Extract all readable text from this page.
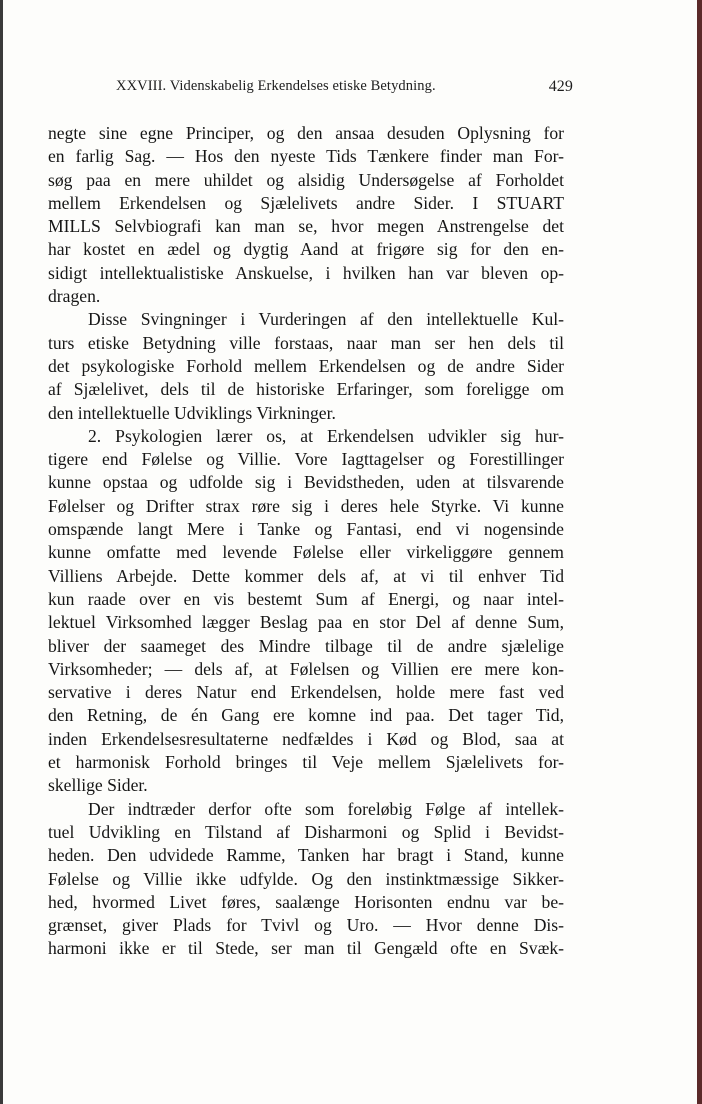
XXVIII. Videnskabelig Erkendelses etiske Betydning.	429
negte sine egne Principer, og den ansaa desuden Oplysning for
en farlig Sag. — Hos den nyeste Tids Tænkere finder man For-
søg paa en mere uhildet og alsidig Undersøgelse af Forholdet
mellem Erkendelsen og Sjælelivets andre Sider. I STUART
MILLS Selvbiografi kan man se, hvor megen Anstrengelse det
har kostet en ædel og dygtig Aand at frigøre sig for den en-
sidigt intellektualistiske Anskuelse, i hvilken han var bleven op-
dragen.
Disse Svingninger i Vurderingen af den intellektuelle Kul-
turs etiske Betydning ville forstaas, naar man ser hen dels til
det psykologiske Forhold mellem Erkendelsen og de andre Sider
af Sjælelivet, dels til de historiske Erfaringer, som foreligge om
den intellektuelle Udviklings Virkninger.
2. Psykologien lærer os, at Erkendelsen udvikler sig hur-
tigere end Følelse og Villie. Vore Iagttagelser og Forestillinger
kunne opstaa og udfolde sig i Bevidstheden, uden at tilsvarende
Følelser og Drifter strax røre sig i deres hele Styrke. Vi kunne
omspænde langt Mere i Tanke og Fantasi, end vi nogensinde
kunne omfatte med levende Følelse eller virkeliggøre gennem
Villiens Arbejde. Dette kommer dels af, at vi til enhver Tid
kun raade over en vis bestemt Sum af Energi, og naar intel-
lektuel Virksomhed lægger Beslag paa en stor Del af denne Sum,
bliver der saameget des Mindre tilbage til de andre sjælelige
Virksomheder; — dels af, at Følelsen og Villien ere mere kon-
servative i deres Natur end Erkendelsen, holde mere fast ved
den Retning, de én Gang ere komne ind paa. Det tager Tid,
inden Erkendelsesresultaterne nedfældes i Kød og Blod, saa at
et harmonisk Forhold bringes til Veje mellem Sjælelivets for-
skellige Sider.
Der indtræder derfor ofte som foreløbig Følge af intellek-
tuel Udvikling en Tilstand af Disharmoni og Splid i Bevidst-
heden. Den udvidede Ramme, Tanken har bragt i Stand, kunne
Følelse og Villie ikke udfylde. Og den instinktmæssige Sikker-
hed, hvormed Livet føres, saalænge Horisonten endnu var be-
grænset, giver Plads for Tvivl og Uro. — Hvor denne Dis-
harmoni ikke er til Stede, ser man til Gengæld ofte en Svæk-
